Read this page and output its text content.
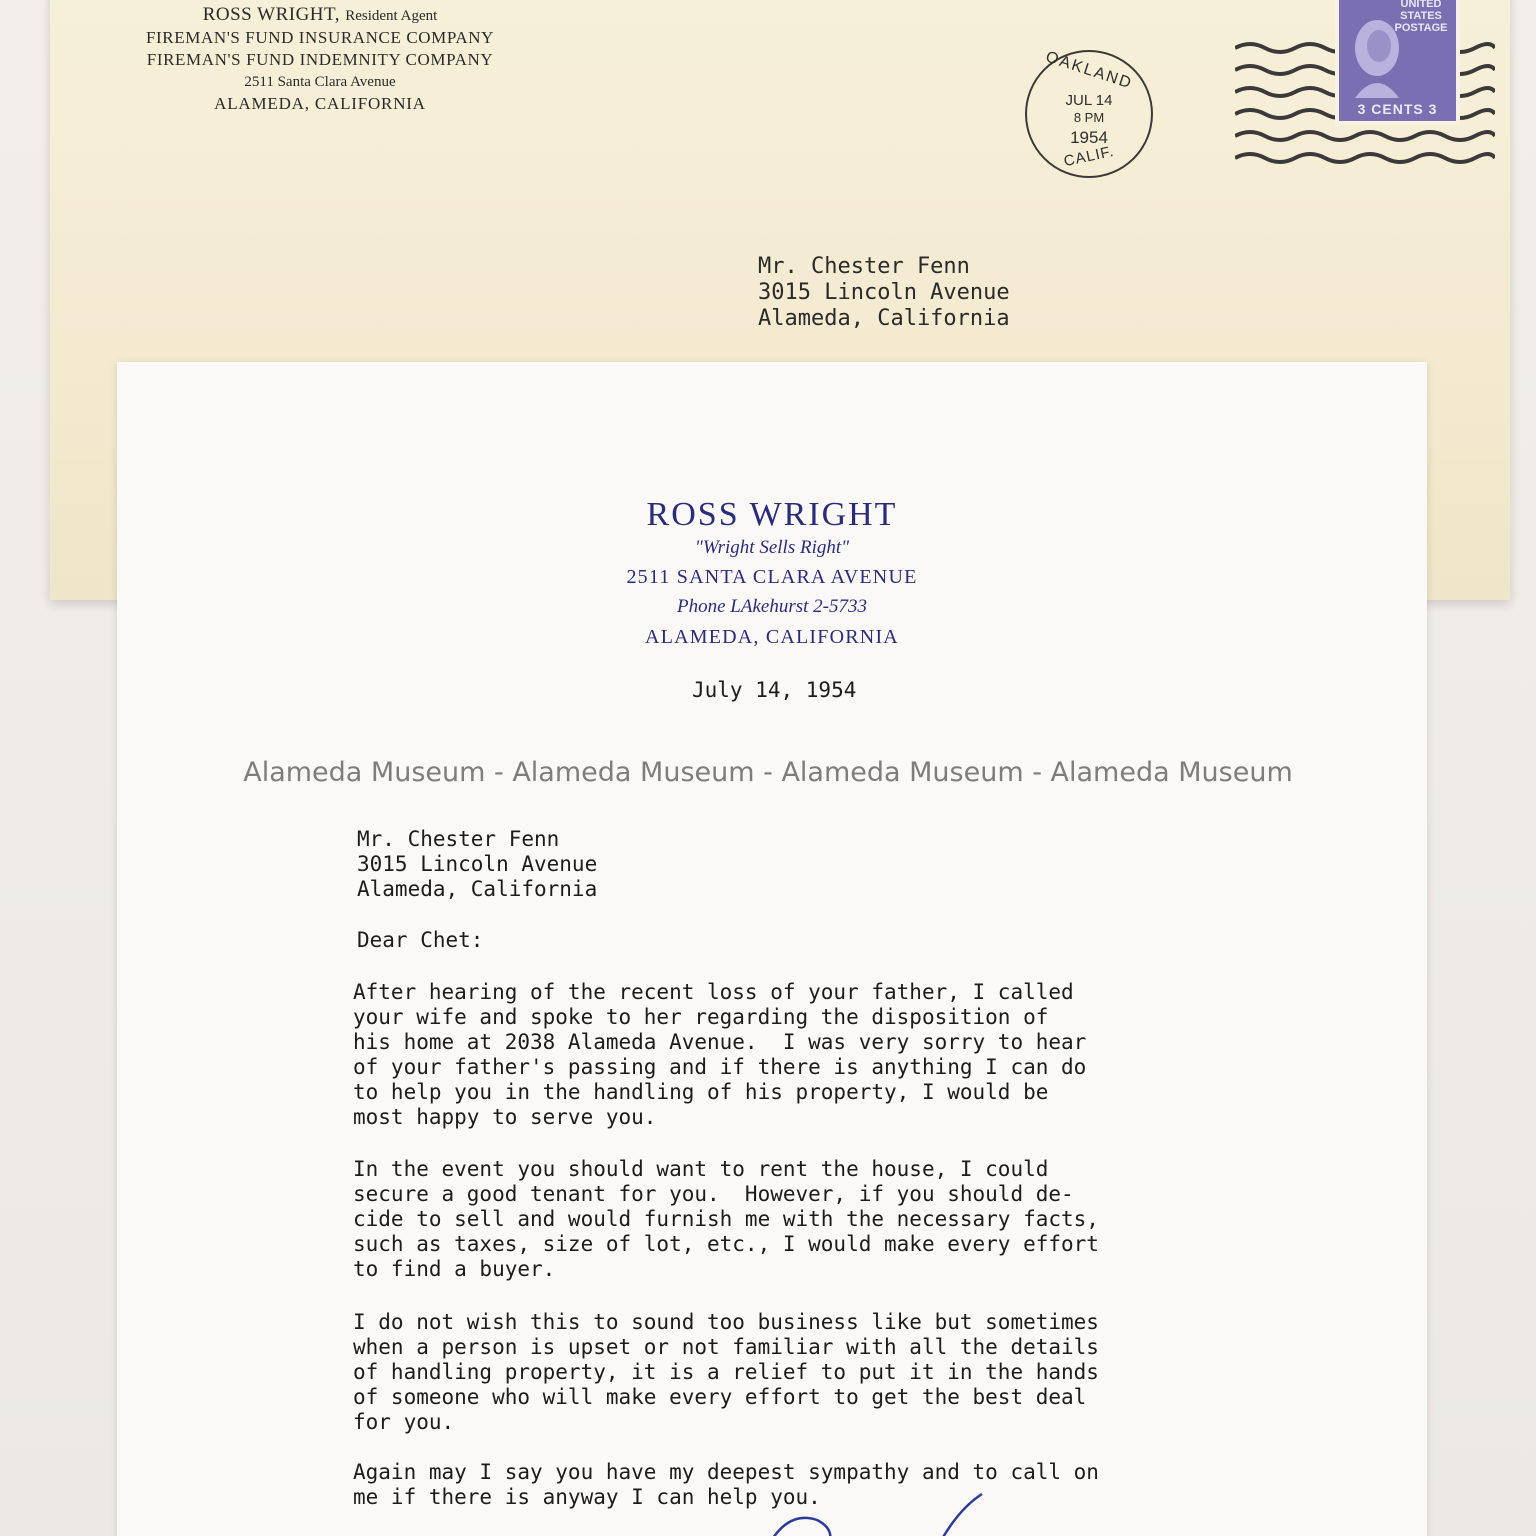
ROSS WRIGHT, Resident Agent
FIREMAN'S FUND INSURANCE COMPANY
FIREMAN'S FUND INDEMNITY COMPANY
2511 Santa Clara Avenue
ALAMEDA, CALIFORNIA
OAKLAND
JUL 14
8 PM
1954
CALIF.
UNITED
STATES
POSTAGE
3 CENTS 3
Mr. Chester Fenn
3015 Lincoln Avenue
Alameda, California
ROSS WRIGHT
"Wright Sells Right"
2511 SANTA CLARA AVENUE
Phone LAkehurst 2-5733
ALAMEDA, CALIFORNIA
July 14, 1954
Mr. Chester Fenn
3015 Lincoln Avenue
Alameda, California
Dear Chet:
After hearing of the recent loss of your father, I called
your wife and spoke to her regarding the disposition of
his home at 2038 Alameda Avenue.  I was very sorry to hear
of your father's passing and if there is anything I can do
to help you in the handling of his property, I would be
most happy to serve you.
In the event you should want to rent the house, I could
secure a good tenant for you.  However, if you should de-
cide to sell and would furnish me with the necessary facts,
such as taxes, size of lot, etc., I would make every effort
to find a buyer.
I do not wish this to sound too business like but sometimes
when a person is upset or not familiar with all the details
of handling property, it is a relief to put it in the hands
of someone who will make every effort to get the best deal
for you.
Again may I say you have my deepest sympathy and to call on
me if there is anyway I can help you.
Alameda Museum - Alameda Museum - Alameda Museum - Alameda Museum
